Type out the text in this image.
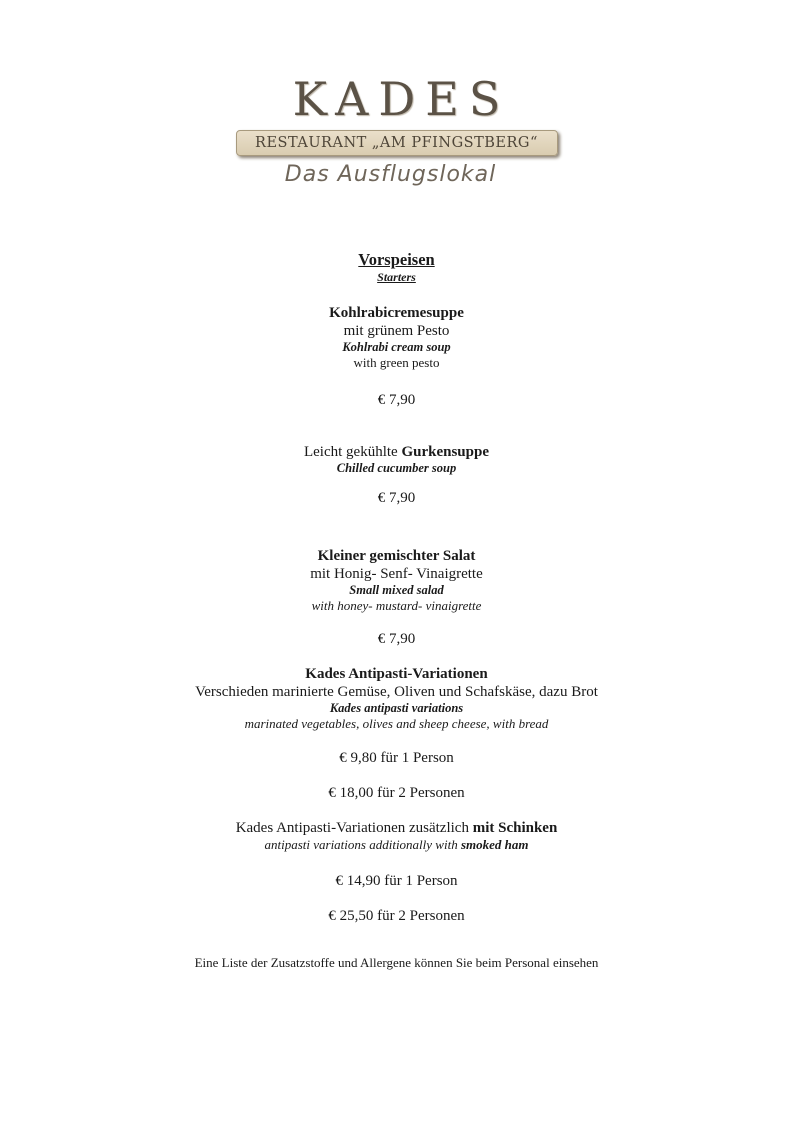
KADES
RESTAURANT „AM PFINGSTBERG“
Das Ausflugslokal

Vorspeisen

Starters

Kohlrabicremesuppe

mit grünem Pesto

Kohlrabi cream soup

with green pesto

€ 7,90

Leicht gekühlte Gurkensuppe

Chilled cucumber soup

€ 7,90

Kleiner gemischter Salat

mit Honig- Senf- Vinaigrette

Small mixed salad

with honey- mustard- vinaigrette

€ 7,90

Kades Antipasti-Variationen

Verschieden marinierte Gemüse, Oliven und Schafskäse, dazu Brot

Kades antipasti variations

marinated vegetables, olives and sheep cheese, with bread

€ 9,80 für 1 Person

€ 18,00 für 2 Personen

Kades Antipasti-Variationen zusätzlich mit Schinken

antipasti variations additionally with smoked ham

€ 14,90 für 1 Person

€ 25,50 für 2 Personen

Eine Liste der Zusatzstoffe und Allergene können Sie beim Personal einsehen
